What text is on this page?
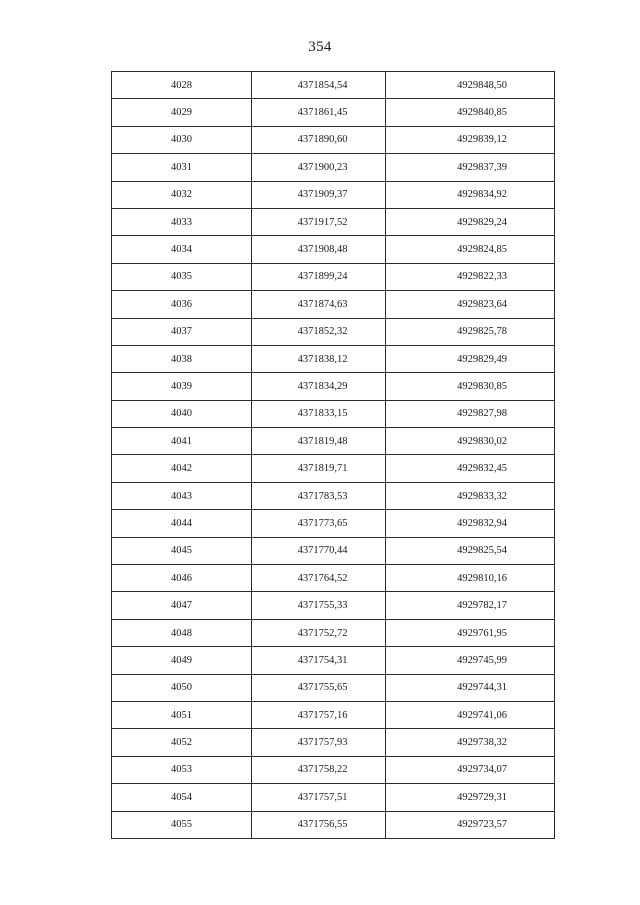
354
4028	4371854,54	4929848,50
4029	4371861,45	4929840,85
4030	4371890,60	4929839,12
4031	4371900,23	4929837,39
4032	4371909,37	4929834,92
4033	4371917,52	4929829,24
4034	4371908,48	4929824,85
4035	4371899,24	4929822,33
4036	4371874,63	4929823,64
4037	4371852,32	4929825,78
4038	4371838,12	4929829,49
4039	4371834,29	4929830,85
4040	4371833,15	4929827,98
4041	4371819,48	4929830,02
4042	4371819,71	4929832,45
4043	4371783,53	4929833,32
4044	4371773,65	4929832,94
4045	4371770,44	4929825,54
4046	4371764,52	4929810,16
4047	4371755,33	4929782,17
4048	4371752,72	4929761,95
4049	4371754,31	4929745,99
4050	4371755,65	4929744,31
4051	4371757,16	4929741,06
4052	4371757,93	4929738,32
4053	4371758,22	4929734,07
4054	4371757,51	4929729,31
4055	4371756,55	4929723,57
